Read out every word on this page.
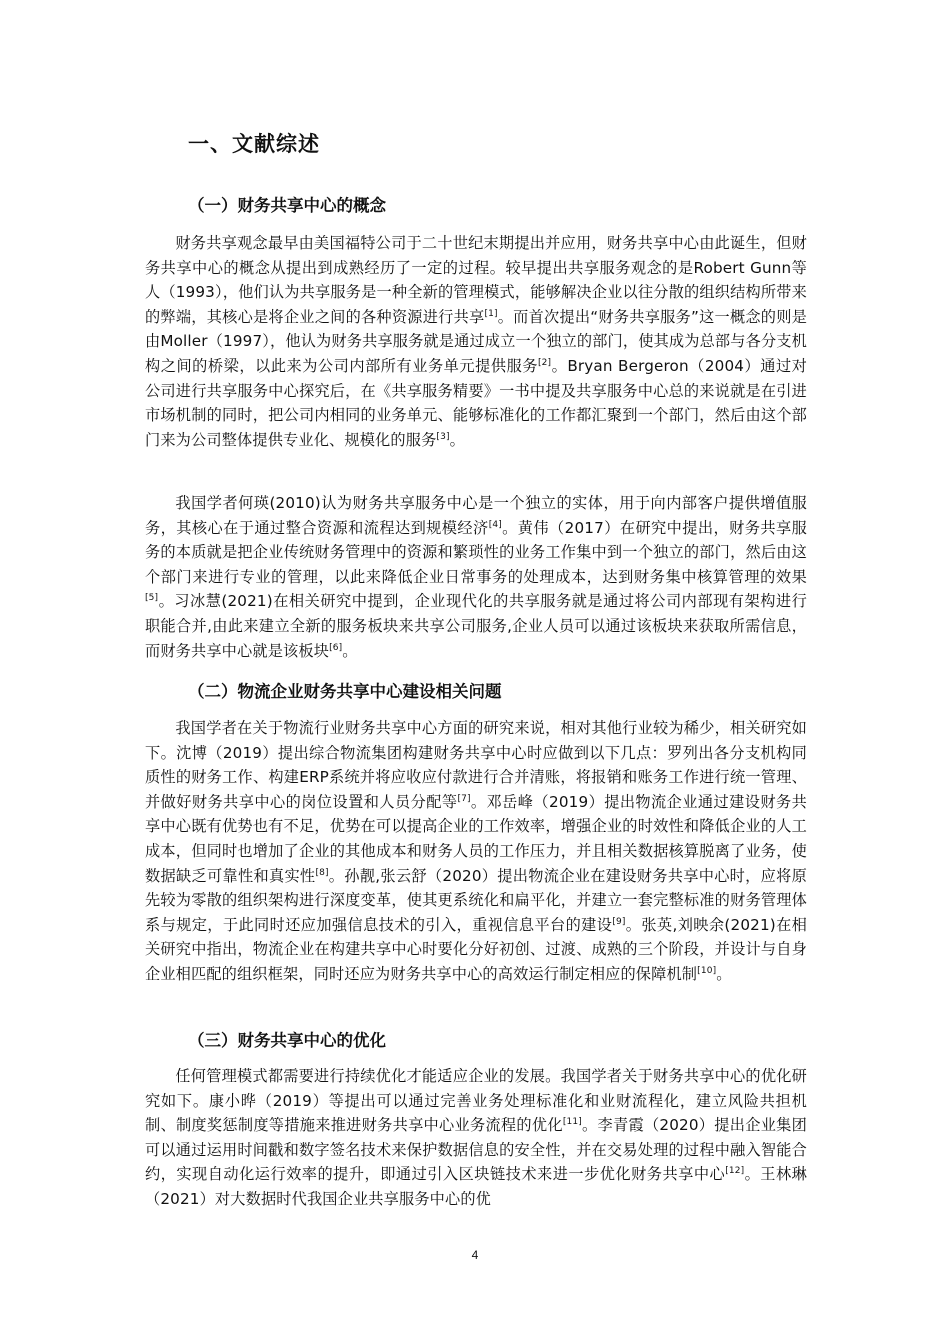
一、文献综述
（一）财务共享中心的概念

财务共享观念最早由美国福特公司于二十世纪末期提出并应用，财务共享中心由此诞生，但财务共享中心的概念从提出到成熟经历了一定的过程。较早提出共享服务观念的是Robert Gunn等人（1993），他们认为共享服务是一种全新的管理模式，能够解决企业以往分散的组织结构所带来的弊端，其核心是将企业之间的各种资源进行共享[1]。而首次提出“财务共享服务”这一概念的则是由Moller（1997），他认为财务共享服务就是通过成立一个独立的部门，使其成为总部与各分支机构之间的桥梁，以此来为公司内部所有业务单元提供服务[2]。Bryan Bergeron（2004）通过对公司进行共享服务中心探究后，在《共享服务精要》一书中提及共享服务中心总的来说就是在引进市场机制的同时，把公司内相同的业务单元、能够标准化的工作都汇聚到一个部门，然后由这个部门来为公司整体提供专业化、规模化的服务[3]。

我国学者何瑛(2010)认为财务共享服务中心是一个独立的实体，用于向内部客户提供增值服务，其核心在于通过整合资源和流程达到规模经济[4]。黄伟（2017）在研究中提出，财务共享服务的本质就是把企业传统财务管理中的资源和繁琐性的业务工作集中到一个独立的部门，然后由这个部门来进行专业的管理，以此来降低企业日常事务的处理成本，达到财务集中核算管理的效果[5]。习冰慧(2021)在相关研究中提到，企业现代化的共享服务就是通过将公司内部现有架构进行职能合并,由此来建立全新的服务板块来共享公司服务,企业人员可以通过该板块来获取所需信息，而财务共享中心就是该板块[6]。

（二）物流企业财务共享中心建设相关问题

我国学者在关于物流行业财务共享中心方面的研究来说，相对其他行业较为稀少，相关研究如下。沈博（2019）提出综合物流集团构建财务共享中心时应做到以下几点：罗列出各分支机构同质性的财务工作、构建ERP系统并将应收应付款进行合并清账，将报销和账务工作进行统一管理、并做好财务共享中心的岗位设置和人员分配等[7]。邓岳峰（2019）提出物流企业通过建设财务共享中心既有优势也有不足，优势在可以提高企业的工作效率，增强企业的时效性和降低企业的人工成本，但同时也增加了企业的其他成本和财务人员的工作压力，并且相关数据核算脱离了业务，使数据缺乏可靠性和真实性[8]。孙靓,张云舒（2020）提出物流企业在建设财务共享中心时，应将原先较为零散的组织架构进行深度变革，使其更系统化和扁平化，并建立一套完整标准的财务管理体系与规定，于此同时还应加强信息技术的引入，重视信息平台的建设[9]。张英,刘映余(2021)在相关研究中指出，物流企业在构建共享中心时要化分好初创、过渡、成熟的三个阶段，并设计与自身企业相匹配的组织框架，同时还应为财务共享中心的高效运行制定相应的保障机制[10]。

（三）财务共享中心的优化

任何管理模式都需要进行持续优化才能适应企业的发展。我国学者关于财务共享中心的优化研究如下。康小晔（2019）等提出可以通过完善业务处理标准化和业财流程化，建立风险共担机制、制度奖惩制度等措施来推进财务共享中心业务流程的优化[11]。李青霞（2020）提出企业集团可以通过运用时间戳和数字签名技术来保护数据信息的安全性，并在交易处理的过程中融入智能合约，实现自动化运行效率的提升，即通过引入区块链技术来进一步优化财务共享中心[12]。王林琳（2021）对大数据时代我国企业共享服务中心的优

4
